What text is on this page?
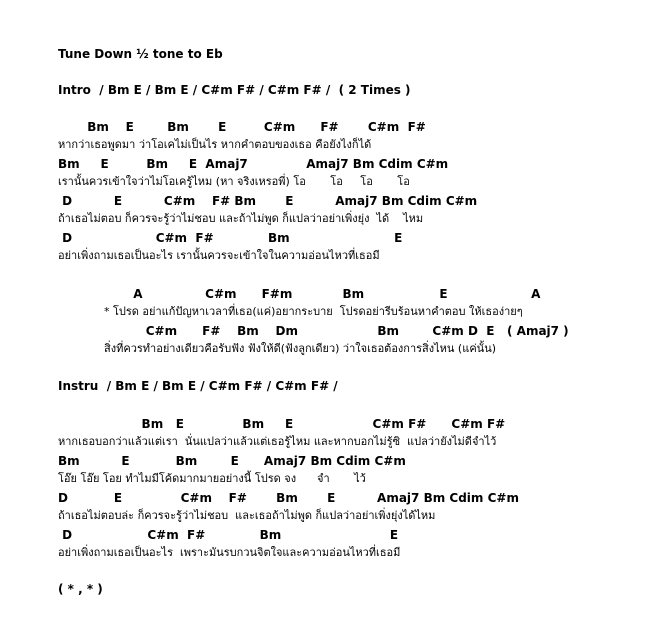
Tune Down ½ tone to Eb
Intro  / Bm E / Bm E / C#m F# / C#m F# /  ( 2 Times )
Bm    E        Bm       E         C#m      F#       C#m  F#
หากว่าเธอพูดมา ว่าโอเคไม่เป็นไร หากคำตอบของเธอ คือยังไงก็ได้
Bm     E         Bm     E  Amaj7              Amaj7 Bm Cdim C#m
เรานั้นควรเข้าใจว่าไม่โอเครู้ไหม (หา จริงเหรอพี่) โอ       โอ     โอ       โอ
D          E          C#m    F# Bm       E          Amaj7 Bm Cdim C#m
ถ้าเธอไม่ตอบ ก็ควรจะรู้ว่าไม่ชอบ และถ้าไม่พูด ก็แปลว่าอย่าเพิ่งยุ่ง  ได้    ไหม
D                    C#m  F#             Bm                         E
อย่าเพิ่งถามเธอเป็นอะไร เรานั้นควรจะเข้าใจในความอ่อนไหวที่เธอมี
A               C#m      F#m            Bm                  E                    A
* โปรด อย่าแก้ปัญหาเวลาที่เธอ(แค่)อยากระบาย  โปรดอย่ารีบร้อนหาคำตอบ ให้เธอง่ายๆ
C#m      F#    Bm    Dm                   Bm        C#m D  E   ( Amaj7 )
สิ่งที่ควรทำอย่างเดียวคือรับฟัง ฟังให้ดี(ฟังลูกเดียว) ว่าใจเธอต้องการสิ่งไหน (แค่นั้น)
Instru  / Bm E / Bm E / C#m F# / C#m F# /
Bm   E              Bm     E                   C#m F#      C#m F#
หากเธอบอกว่าแล้วแต่เรา  นั่นแปลว่าแล้วแต่เธอรู้ไหม และหากบอกไม่รู้ซิ  แปลว่ายังไม่ดีจำไว้
Bm          E           Bm        E      Amaj7 Bm Cdim C#m
โอ๊ย โอ๊ย โอย ทำไมมีโค้ดมากมายอย่างนี้ โปรด จง      จำ       ไว้
D           E              C#m    F#       Bm       E          Amaj7 Bm Cdim C#m
ถ้าเธอไม่ตอบล่ะ ก็ควรจะรู้ว่าไม่ชอบ  และเธอถ้าไม่พูด ก็แปลว่าอย่าเพิ่งยุ่งได้ไหม
D                  C#m  F#             Bm                          E
อย่าเพิ่งถามเธอเป็นอะไร  เพราะมันรบกวนจิตใจและความอ่อนไหวที่เธอมี
( * , * )
